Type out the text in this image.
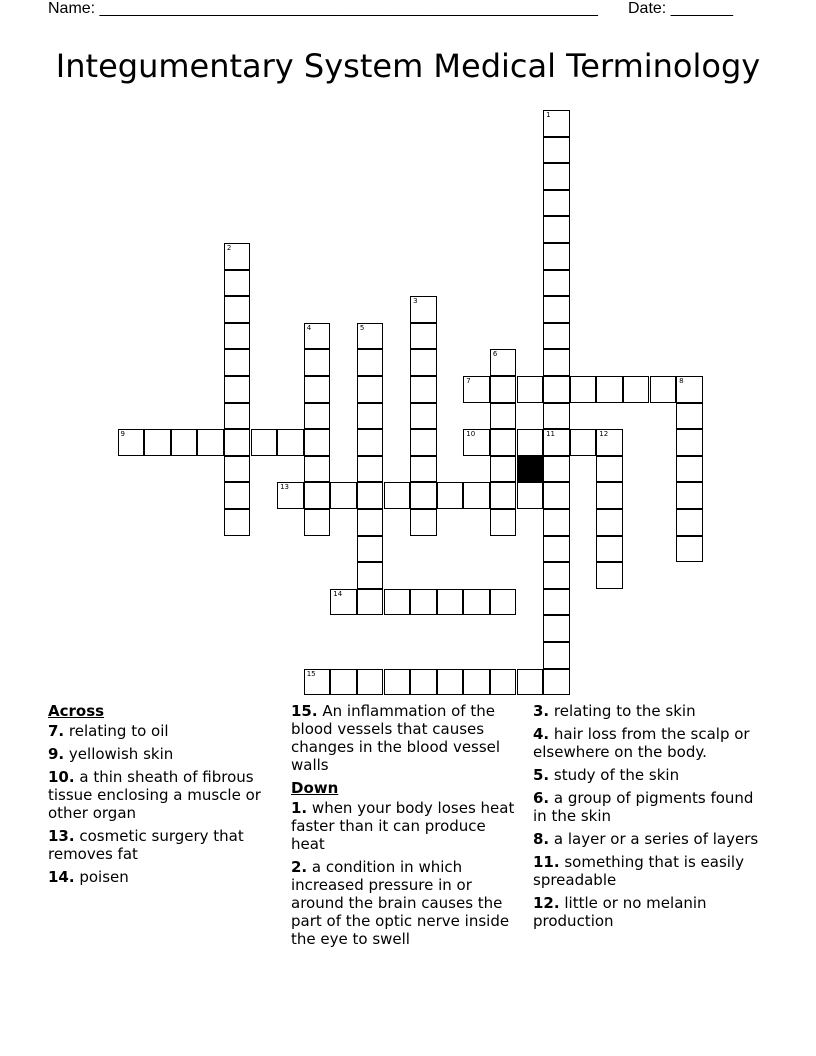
Name: ________________________________________________________ Date: _______
Integumentary System Medical Terminology
1
11
2
3
4	5
6
7	8
9	10	12
13
14
15
Across
7. relating to oil
9. yellowish skin
10. a thin sheath of fibrous tissue enclosing a muscle or other organ
13. cosmetic surgery that removes fat
14. poisen
15. An inflammation of the blood vessels that causes changes in the blood vessel walls
Down
1. when your body loses heat faster than it can produce heat
2. a condition in which increased pressure in or around the brain causes the part of the optic nerve inside the eye to swell
3. relating to the skin
4. hair loss from the scalp or elsewhere on the body.
5. study of the skin
6. a group of pigments found in the skin
8. a layer or a series of layers
11. something that is easily spreadable
12. little or no melanin production
